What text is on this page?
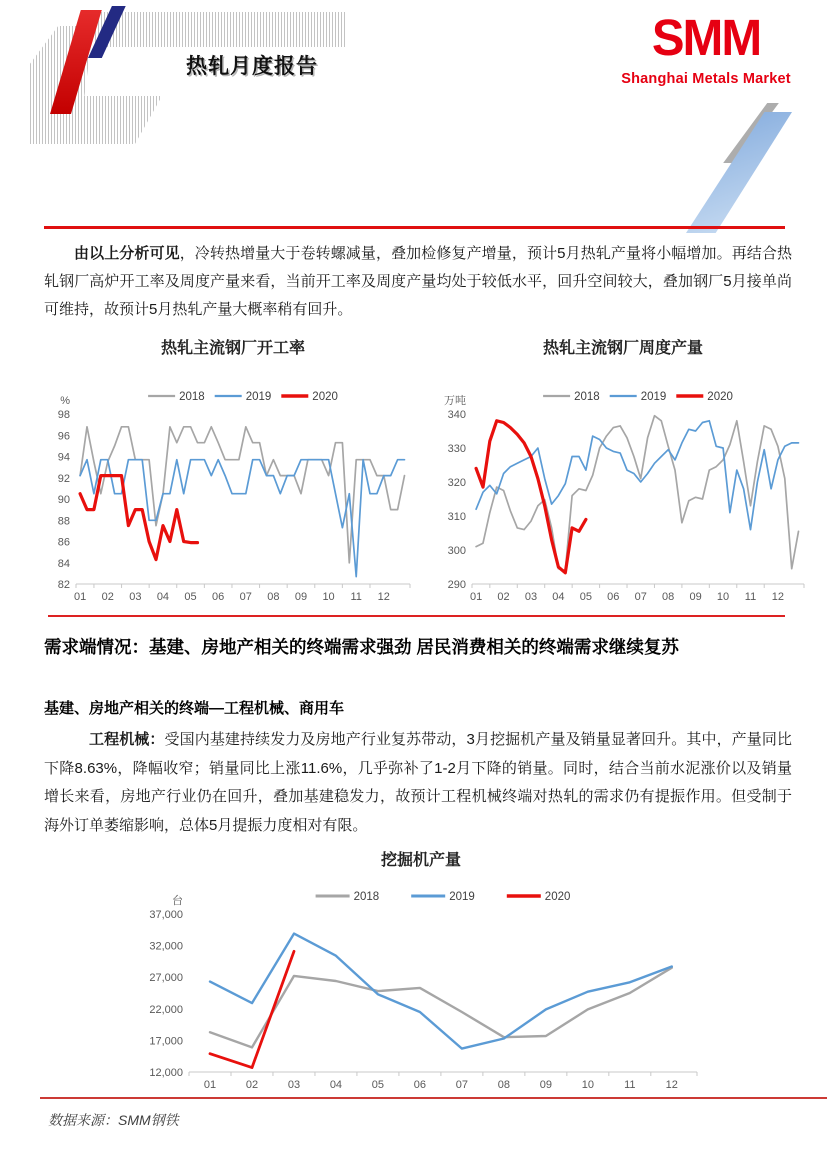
热轧月度报告
SMM
Shanghai Metals Market

由以上分析可见，冷转热增量大于卷转螺减量，叠加检修复产增量，预计5月热轧产量将小幅增加。再结合热轧钢厂高炉开工率及周度产量来看，当前开工率及周度产量均处于较低水平，回升空间较大，叠加钢厂5月接单尚可维持，故预计5月热轧产量大概率稍有回升。

热轧主流钢厂开工率
01 02 03 04 05 06 07 08 09 10 11 12
98
96
94
92
90
88
86
84
82
%	2018	2019	2020
热轧主流钢厂周度产量
01 02 03 04 05 06 07 08 09 10 11 12
340
330
320
310
300
290
万吨	2018	2019	2020
需求端情况：基建、房地产相关的终端需求强劲 居民消费相关的终端需求继续复苏
基建、房地产相关的终端—工程机械、商用车

工程机械：受国内基建持续发力及房地产行业复苏带动，3月挖掘机产量及销量显著回升。其中，产量同比下降8.63%，降幅收窄；销量同比上涨11.6%，几乎弥补了1-2月下降的销量。同时，结合当前水泥涨价以及销量增长来看，房地产行业仍在回升，叠加基建稳发力，故预计工程机械终端对热轧的需求仍有提振作用。但受制于海外订单萎缩影响，总体5月提振力度相对有限。

挖掘机产量
01	02	03	04	05	06	07	08	09	10	11	12
37,000
32,000
27,000
22,000
17,000
12,000
台	2018	2019	2020
数据来源：SMM钢铁
